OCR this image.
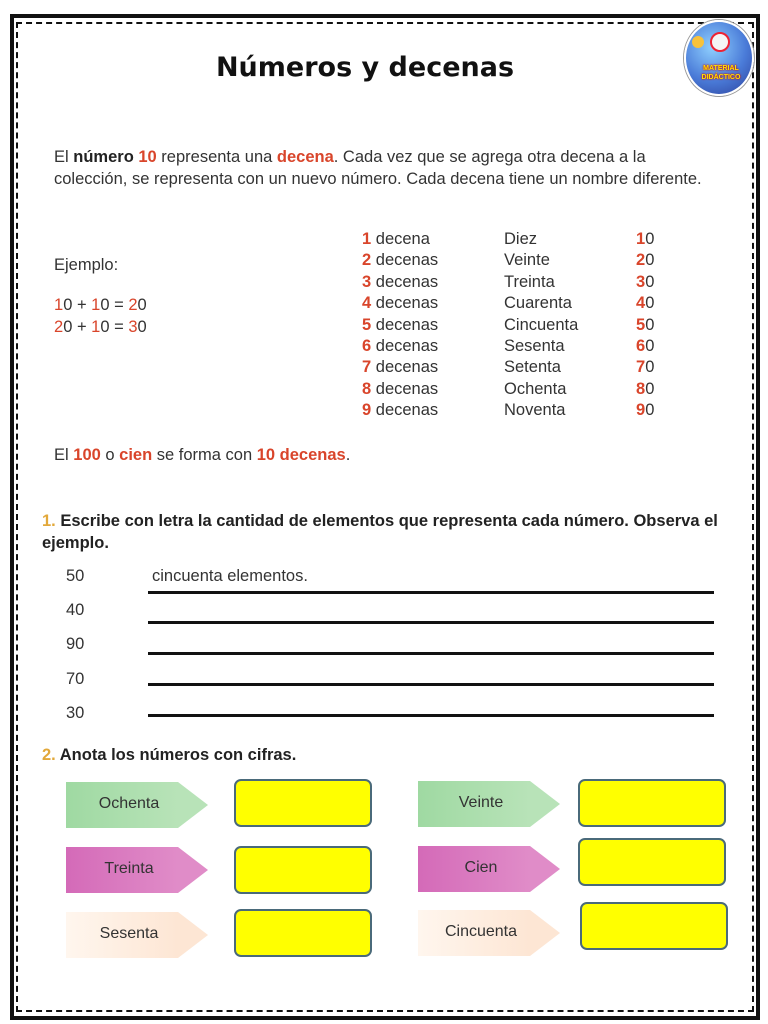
Números y decenas	MATERIAL DIDÁCTICO

El número 10 representa una decena. Cada vez que se agrega otra decena a la colección, se representa con un nuevo número. Cada decena tiene un nombre diferente.

Ejemplo:
10 + 10 = 20
20 + 10 = 30
1 decena	Diez	10
2 decenas	Veinte	20
3 decenas	Treinta	30
4 decenas	Cuarenta	40
5 decenas	Cincuenta	50
6 decenas	Sesenta	60
7 decenas	Setenta	70
8 decenas	Ochenta	80
9 decenas	Noventa	90

El 100 o cien se forma con 10 decenas.

1. Escribe con letra la cantidad de elementos que representa cada número. Observa el ejemplo.

50	cincuenta elementos.
40
90
70
30

2. Anota los números con cifras.

Ochenta	Veinte
Treinta	Cien
Sesenta	Cincuenta
